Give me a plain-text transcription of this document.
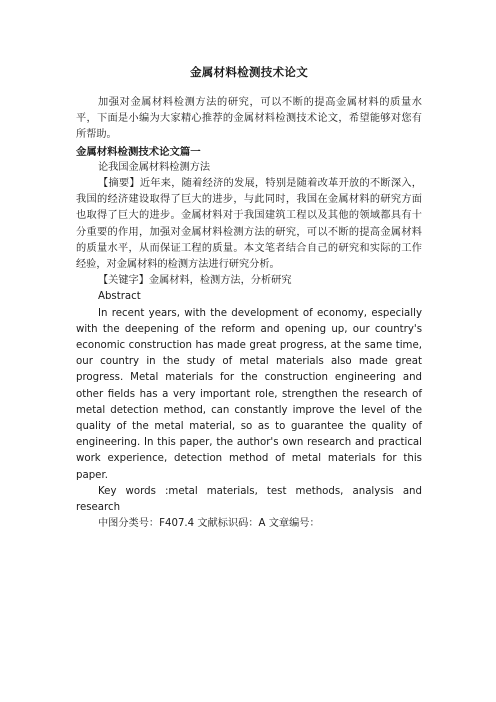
金属材料检测技术论文

加强对金属材料检测方法的研究，可以不断的提高金属材料的质量水平，下面是小编为大家精心推荐的金属材料检测技术论文，希望能够对您有所帮助。

金属材料检测技术论文篇一

论我国金属材料检测方法

【摘要】近年来，随着经济的发展，特别是随着改革开放的不断深入，我国的经济建设取得了巨大的进步，与此同时，我国在金属材料的研究方面也取得了巨大的进步。金属材料对于我国建筑工程以及其他的领域都具有十分重要的作用，加强对金属材料检测方法的研究，可以不断的提高金属材料的质量水平，从而保证工程的质量。本文笔者结合自己的研究和实际的工作经验，对金属材料的检测方法进行研究分析。

【关键字】金属材料，检测方法，分析研究

Abstract

In recent years, with the development of economy, especially with the deepening of the reform and opening up, our country's economic construction has made great progress, at the same time, our country in the study of metal materials also made great progress. Metal materials for the construction engineering and other fields has a very important role, strengthen the research of metal detection method, can constantly improve the level of the quality of the metal material, so as to guarantee the quality of engineering. In this paper, the author's own research and practical work experience, detection method of metal materials for this paper.

Key words :metal materials, test methods, analysis and research

中图分类号：F407.4 文献标识码：A 文章编号：
